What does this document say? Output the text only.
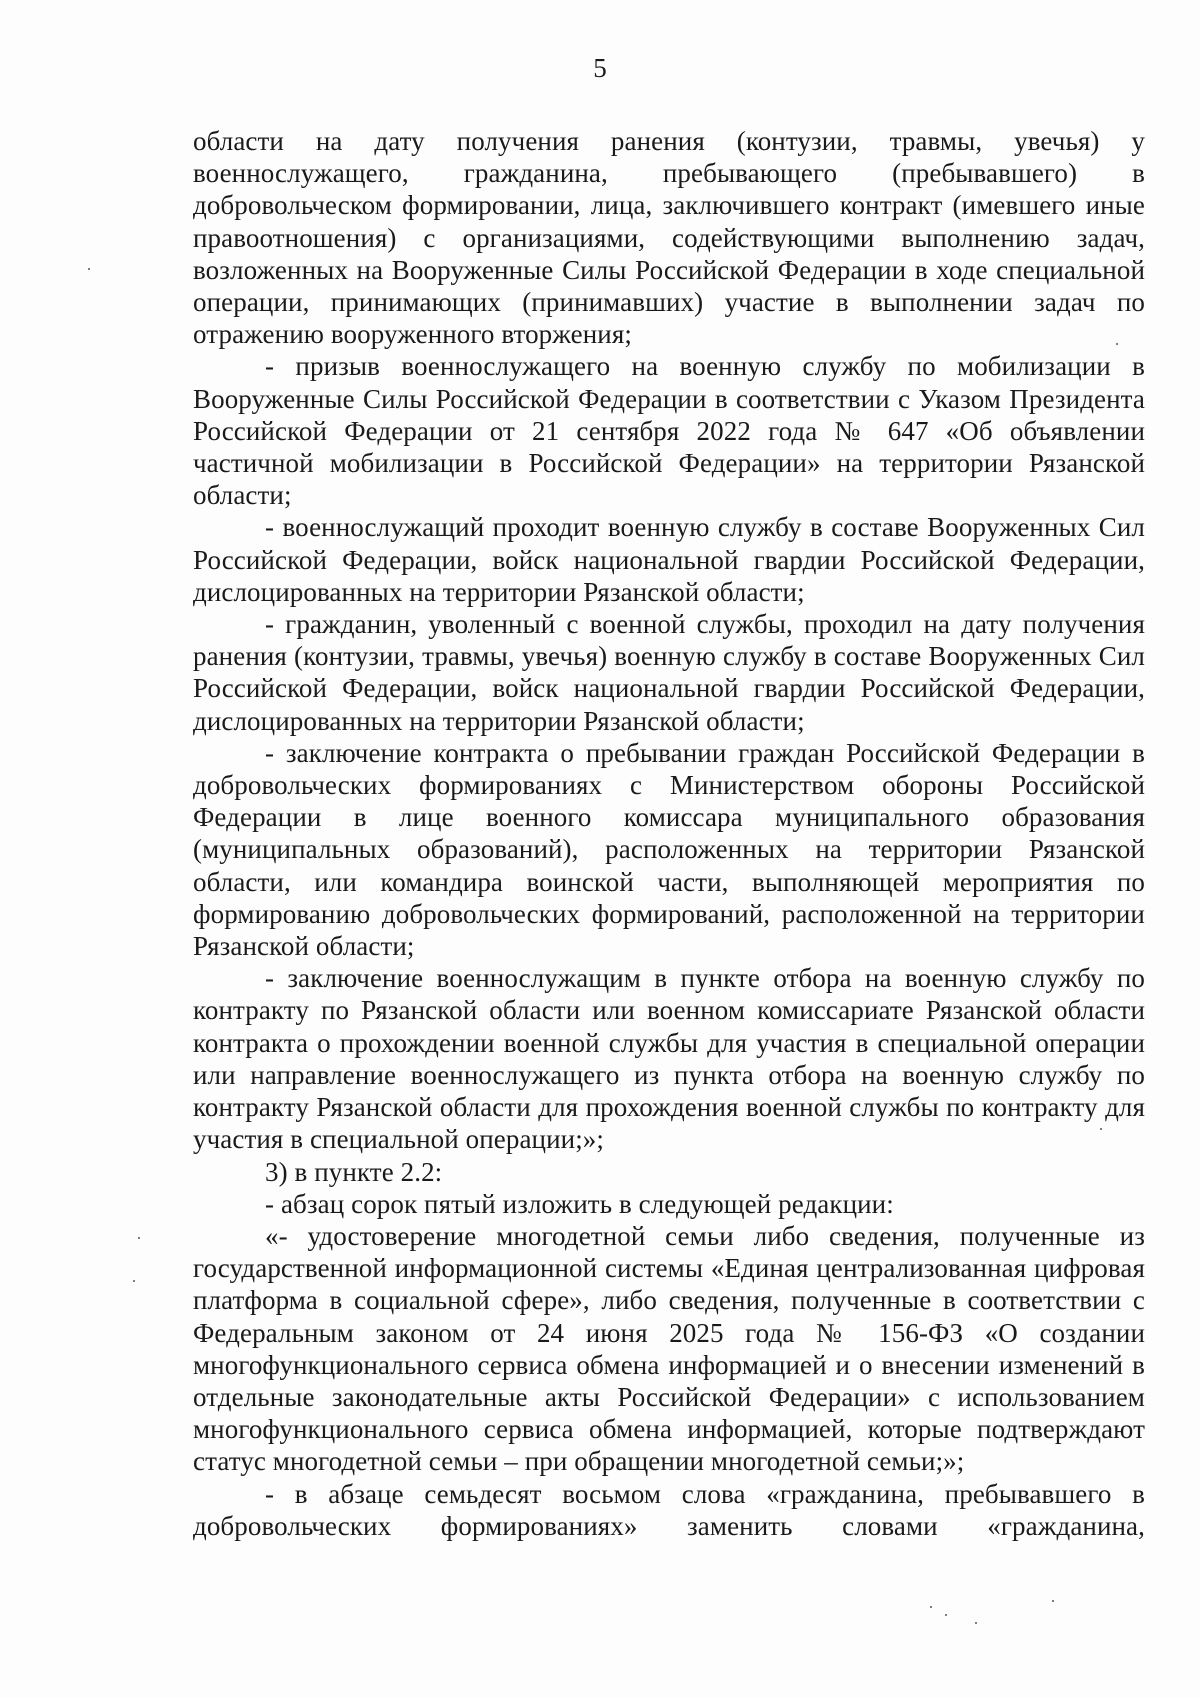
5

области на дату получения ранения (контузии, травмы, увечья) у военнослужащего, гражданина, пребывающего (пребывавшего) в добровольческом формировании, лица, заключившего контракт (имевшего иные правоотношения) с организациями, содействующими выполнению задач, возложенных на Вооруженные Силы Российской Федерации в ходе специальной операции, принимающих (принимавших) участие в выполнении задач по отражению вооруженного вторжения;

- призыв военнослужащего на военную службу по мобилизации в Вооруженные Силы Российской Федерации в соответствии с Указом Президента Российской Федерации от 21 сентября 2022 года № 647 «Об объявлении частичной мобилизации в Российской Федерации» на территории Рязанской области;

- военнослужащий проходит военную службу в составе Вооруженных Сил Российской Федерации, войск национальной гвардии Российской Федерации, дислоцированных на территории Рязанской области;

- гражданин, уволенный с военной службы, проходил на дату получения ранения (контузии, травмы, увечья) военную службу в составе Вооруженных Сил Российской Федерации, войск национальной гвардии Российской Федерации, дислоцированных на территории Рязанской области;

- заключение контракта о пребывании граждан Российской Федерации в добровольческих формированиях с Министерством обороны Российской Федерации в лице военного комиссара муниципального образования (муниципальных образований), расположенных на территории Рязанской области, или командира воинской части, выполняющей мероприятия по формированию добровольческих формирований, расположенной на территории Рязанской области;

- заключение военнослужащим в пункте отбора на военную службу по контракту по Рязанской области или военном комиссариате Рязанской области контракта о прохождении военной службы для участия в специальной операции или направление военнослужащего из пункта отбора на военную службу по контракту Рязанской области для прохождения военной службы по контракту для участия в специальной операции;»;

3) в пункте 2.2:

- абзац сорок пятый изложить в следующей редакции:

«- удостоверение многодетной семьи либо сведения, полученные из государственной информационной системы «Единая централизованная цифровая платформа в социальной сфере», либо сведения, полученные в соответствии с Федеральным законом от 24 июня 2025 года № 156-ФЗ «О создании многофункционального сервиса обмена информацией и о внесении изменений в отдельные законодательные акты Российской Федерации» с использованием многофункционального сервиса обмена информацией, которые подтверждают статус многодетной семьи – при обращении многодетной семьи;»;

- в абзаце семьдесят восьмом слова «гражданина, пребывавшего в добровольческих формированиях» заменить словами «гражданина,
